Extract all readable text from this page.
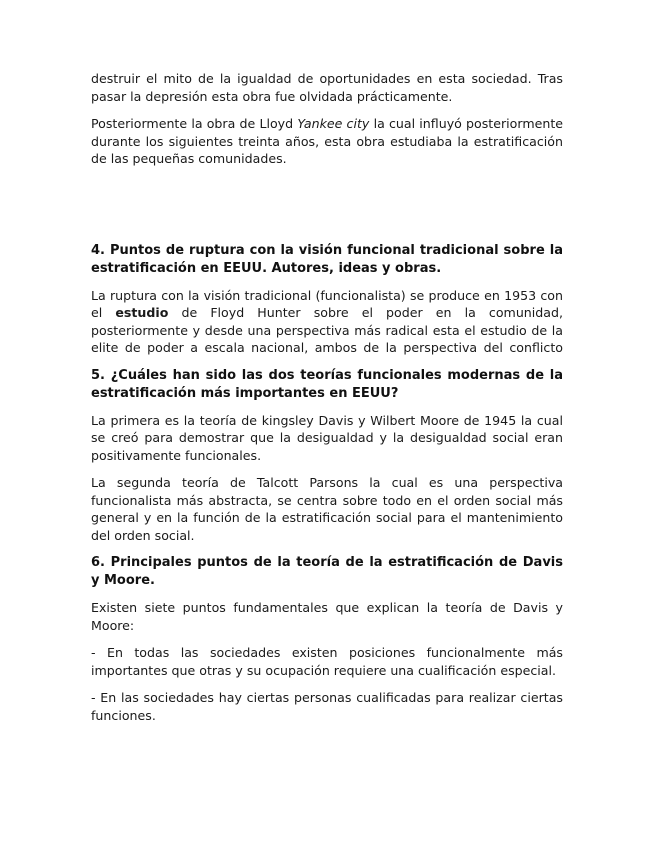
destruir el mito de la igualdad de oportunidades en esta sociedad. Tras pasar la depresión esta obra fue olvidada prácticamente.

Posteriormente la obra de Lloyd Yankee city la cual influyó posteriormente durante los siguientes treinta años, esta obra estudiaba la estratificación de las pequeñas comunidades.

4. Puntos de ruptura con la visión funcional tradicional sobre la estratificación en EEUU. Autores, ideas y obras.

La ruptura con la visión tradicional (funcionalista) se produce en 1953 con el estudio de Floyd Hunter sobre el poder en la comunidad, posteriormente y desde una perspectiva más radical esta el estudio de la elite de poder a escala nacional, ambos de la perspectiva del conflicto

5. ¿Cuáles han sido las dos teorías funcionales modernas de la estratificación más importantes en EEUU?

La primera es la teoría de kingsley Davis y Wilbert Moore de 1945 la cual se creó para demostrar que la desigualdad y la desigualdad social eran positivamente funcionales.

La segunda teoría de Talcott Parsons la cual es una perspectiva funcionalista más abstracta, se centra sobre todo en el orden social más general y en la función de la estratificación social para el mantenimiento del orden social.

6. Principales puntos de la teoría de la estratificación de Davis y Moore.

Existen siete puntos fundamentales que explican la teoría de Davis y Moore:

- En todas las sociedades existen posiciones funcionalmente más importantes que otras y su ocupación requiere una cualificación especial.

- En las sociedades hay ciertas personas cualificadas para realizar ciertas funciones.
